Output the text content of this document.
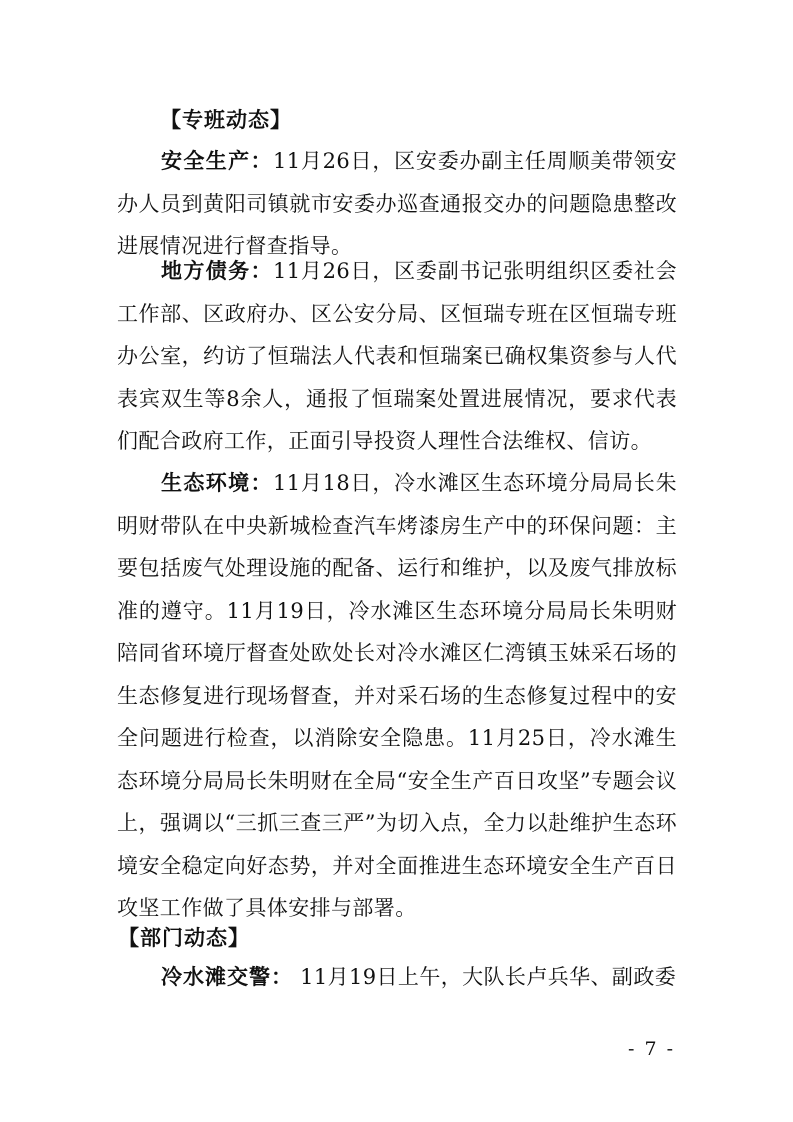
【专班动态】

安全生产：11月26日，区安委办副主任周顺美带领安办人员到黄阳司镇就市安委办巡查通报交办的问题隐患整改进展情况进行督查指导。

地方债务：11月26日，区委副书记张明组织区委社会工作部、区政府办、区公安分局、区恒瑞专班在区恒瑞专班办公室，约访了恒瑞法人代表和恒瑞案已确权集资参与人代表宾双生等8余人，通报了恒瑞案处置进展情况，要求代表们配合政府工作，正面引导投资人理性合法维权、信访。

生态环境：11月18日，冷水滩区生态环境分局局长朱明财带队在中央新城检查汽车烤漆房生产中的环保问题：主要包括废气处理设施的配备、运行和维护，以及废气排放标准的遵守。11月19日，冷水滩区生态环境分局局长朱明财陪同省环境厅督查处欧处长对冷水滩区仁湾镇玉妹采石场的生态修复进行现场督查，并对采石场的生态修复过程中的安全问题进行检查，以消除安全隐患。11月25日，冷水滩生态环境分局局长朱明财在全局“安全生产百日攻坚”专题会议上，强调以“三抓三查三严”为切入点，全力以赴维护生态环境安全稳定向好态势，并对全面推进生态环境安全生产百日攻坚工作做了具体安排与部署。

【部门动态】

冷水滩交警： 11月19日上午，大队长卢兵华、副政委

- 7 -
